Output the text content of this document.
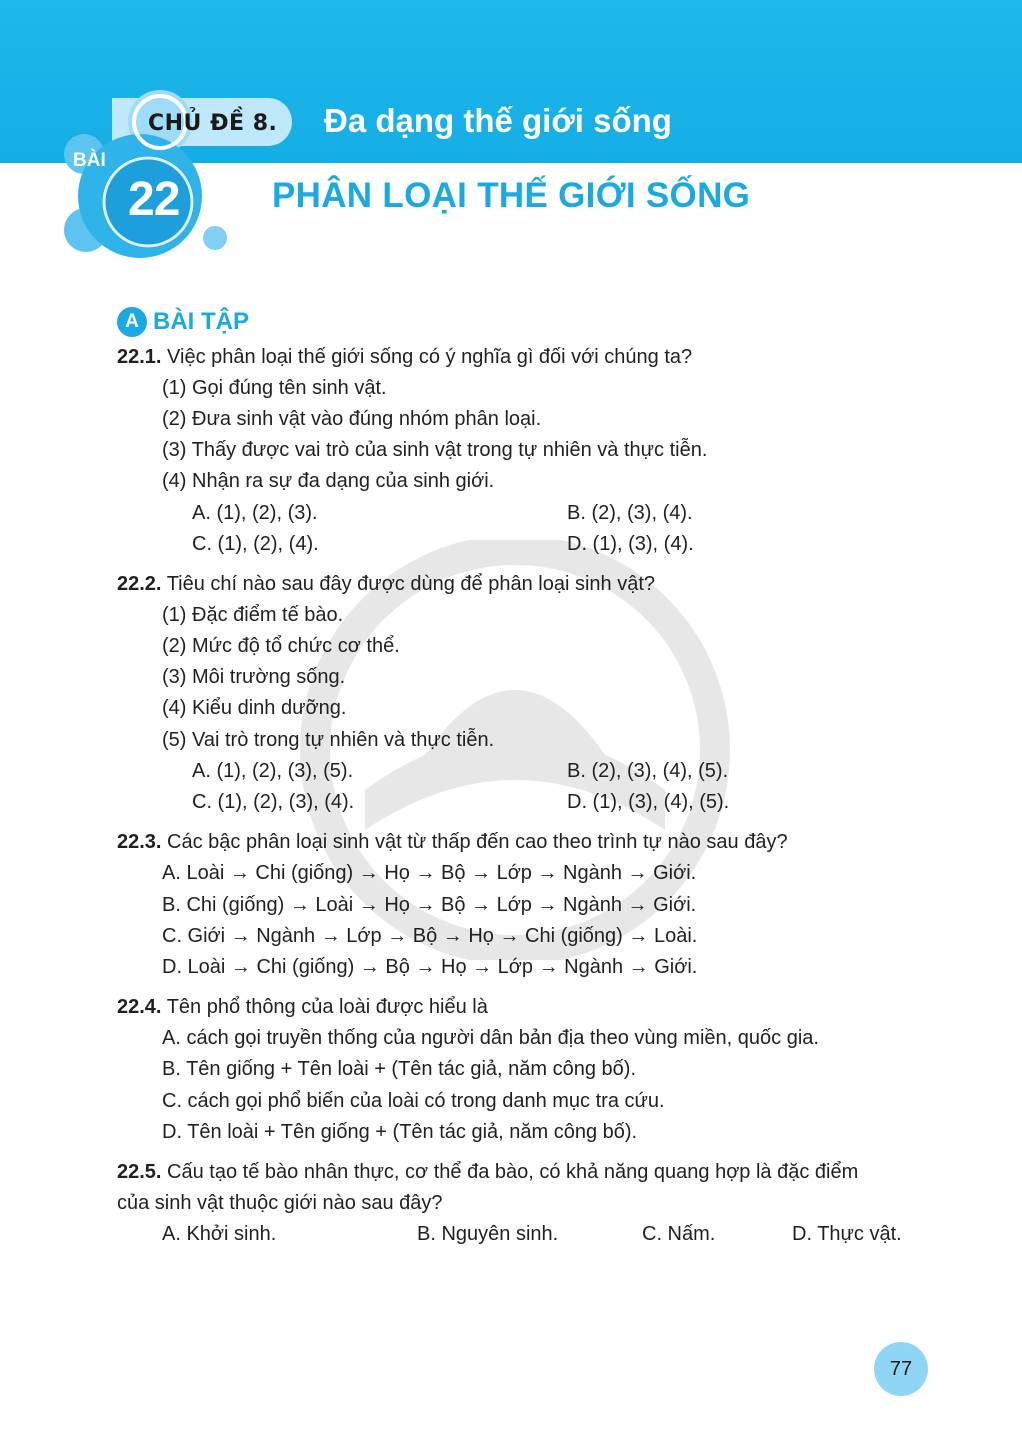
CHỦ ĐỀ 8. Đa dạng thế giới sống
BÀI
22	PHÂN LOẠI THẾ GIỚI SỐNG
A BÀI TẬP
22.1. Việc phân loại thế giới sống có ý nghĩa gì đối với chúng ta?
(1) Gọi đúng tên sinh vật.
(2) Đưa sinh vật vào đúng nhóm phân loại.
(3) Thấy được vai trò của sinh vật trong tự nhiên và thực tiễn.
(4) Nhận ra sự đa dạng của sinh giới.
A. (1), (2), (3).	B. (2), (3), (4).
C. (1), (2), (4).	D. (1), (3), (4).
22.2. Tiêu chí nào sau đây được dùng để phân loại sinh vật?
(1) Đặc điểm tế bào.
(2) Mức độ tổ chức cơ thể.
(3) Môi trường sống.
(4) Kiểu dinh dưỡng.
(5) Vai trò trong tự nhiên và thực tiễn.
A. (1), (2), (3), (5).	B. (2), (3), (4), (5).
C. (1), (2), (3), (4).	D. (1), (3), (4), (5).
22.3. Các bậc phân loại sinh vật từ thấp đến cao theo trình tự nào sau đây?
A. Loài → Chi (giống) → Họ → Bộ → Lớp → Ngành → Giới.
B. Chi (giống) → Loài → Họ → Bộ → Lớp → Ngành → Giới.
C. Giới → Ngành → Lớp → Bộ → Họ → Chi (giống) → Loài.
D. Loài → Chi (giống) → Bộ → Họ → Lớp → Ngành → Giới.
22.4. Tên phổ thông của loài được hiểu là
A. cách gọi truyền thống của người dân bản địa theo vùng miền, quốc gia.
B. Tên giống + Tên loài + (Tên tác giả, năm công bố).
C. cách gọi phổ biến của loài có trong danh mục tra cứu.
D. Tên loài + Tên giống + (Tên tác giả, năm công bố).
22.5. Cấu tạo tế bào nhân thực, cơ thể đa bào, có khả năng quang hợp là đặc điểm
của sinh vật thuộc giới nào sau đây?
A. Khởi sinh.	B. Nguyên sinh.	C. Nấm.	D. Thực vật.
77
